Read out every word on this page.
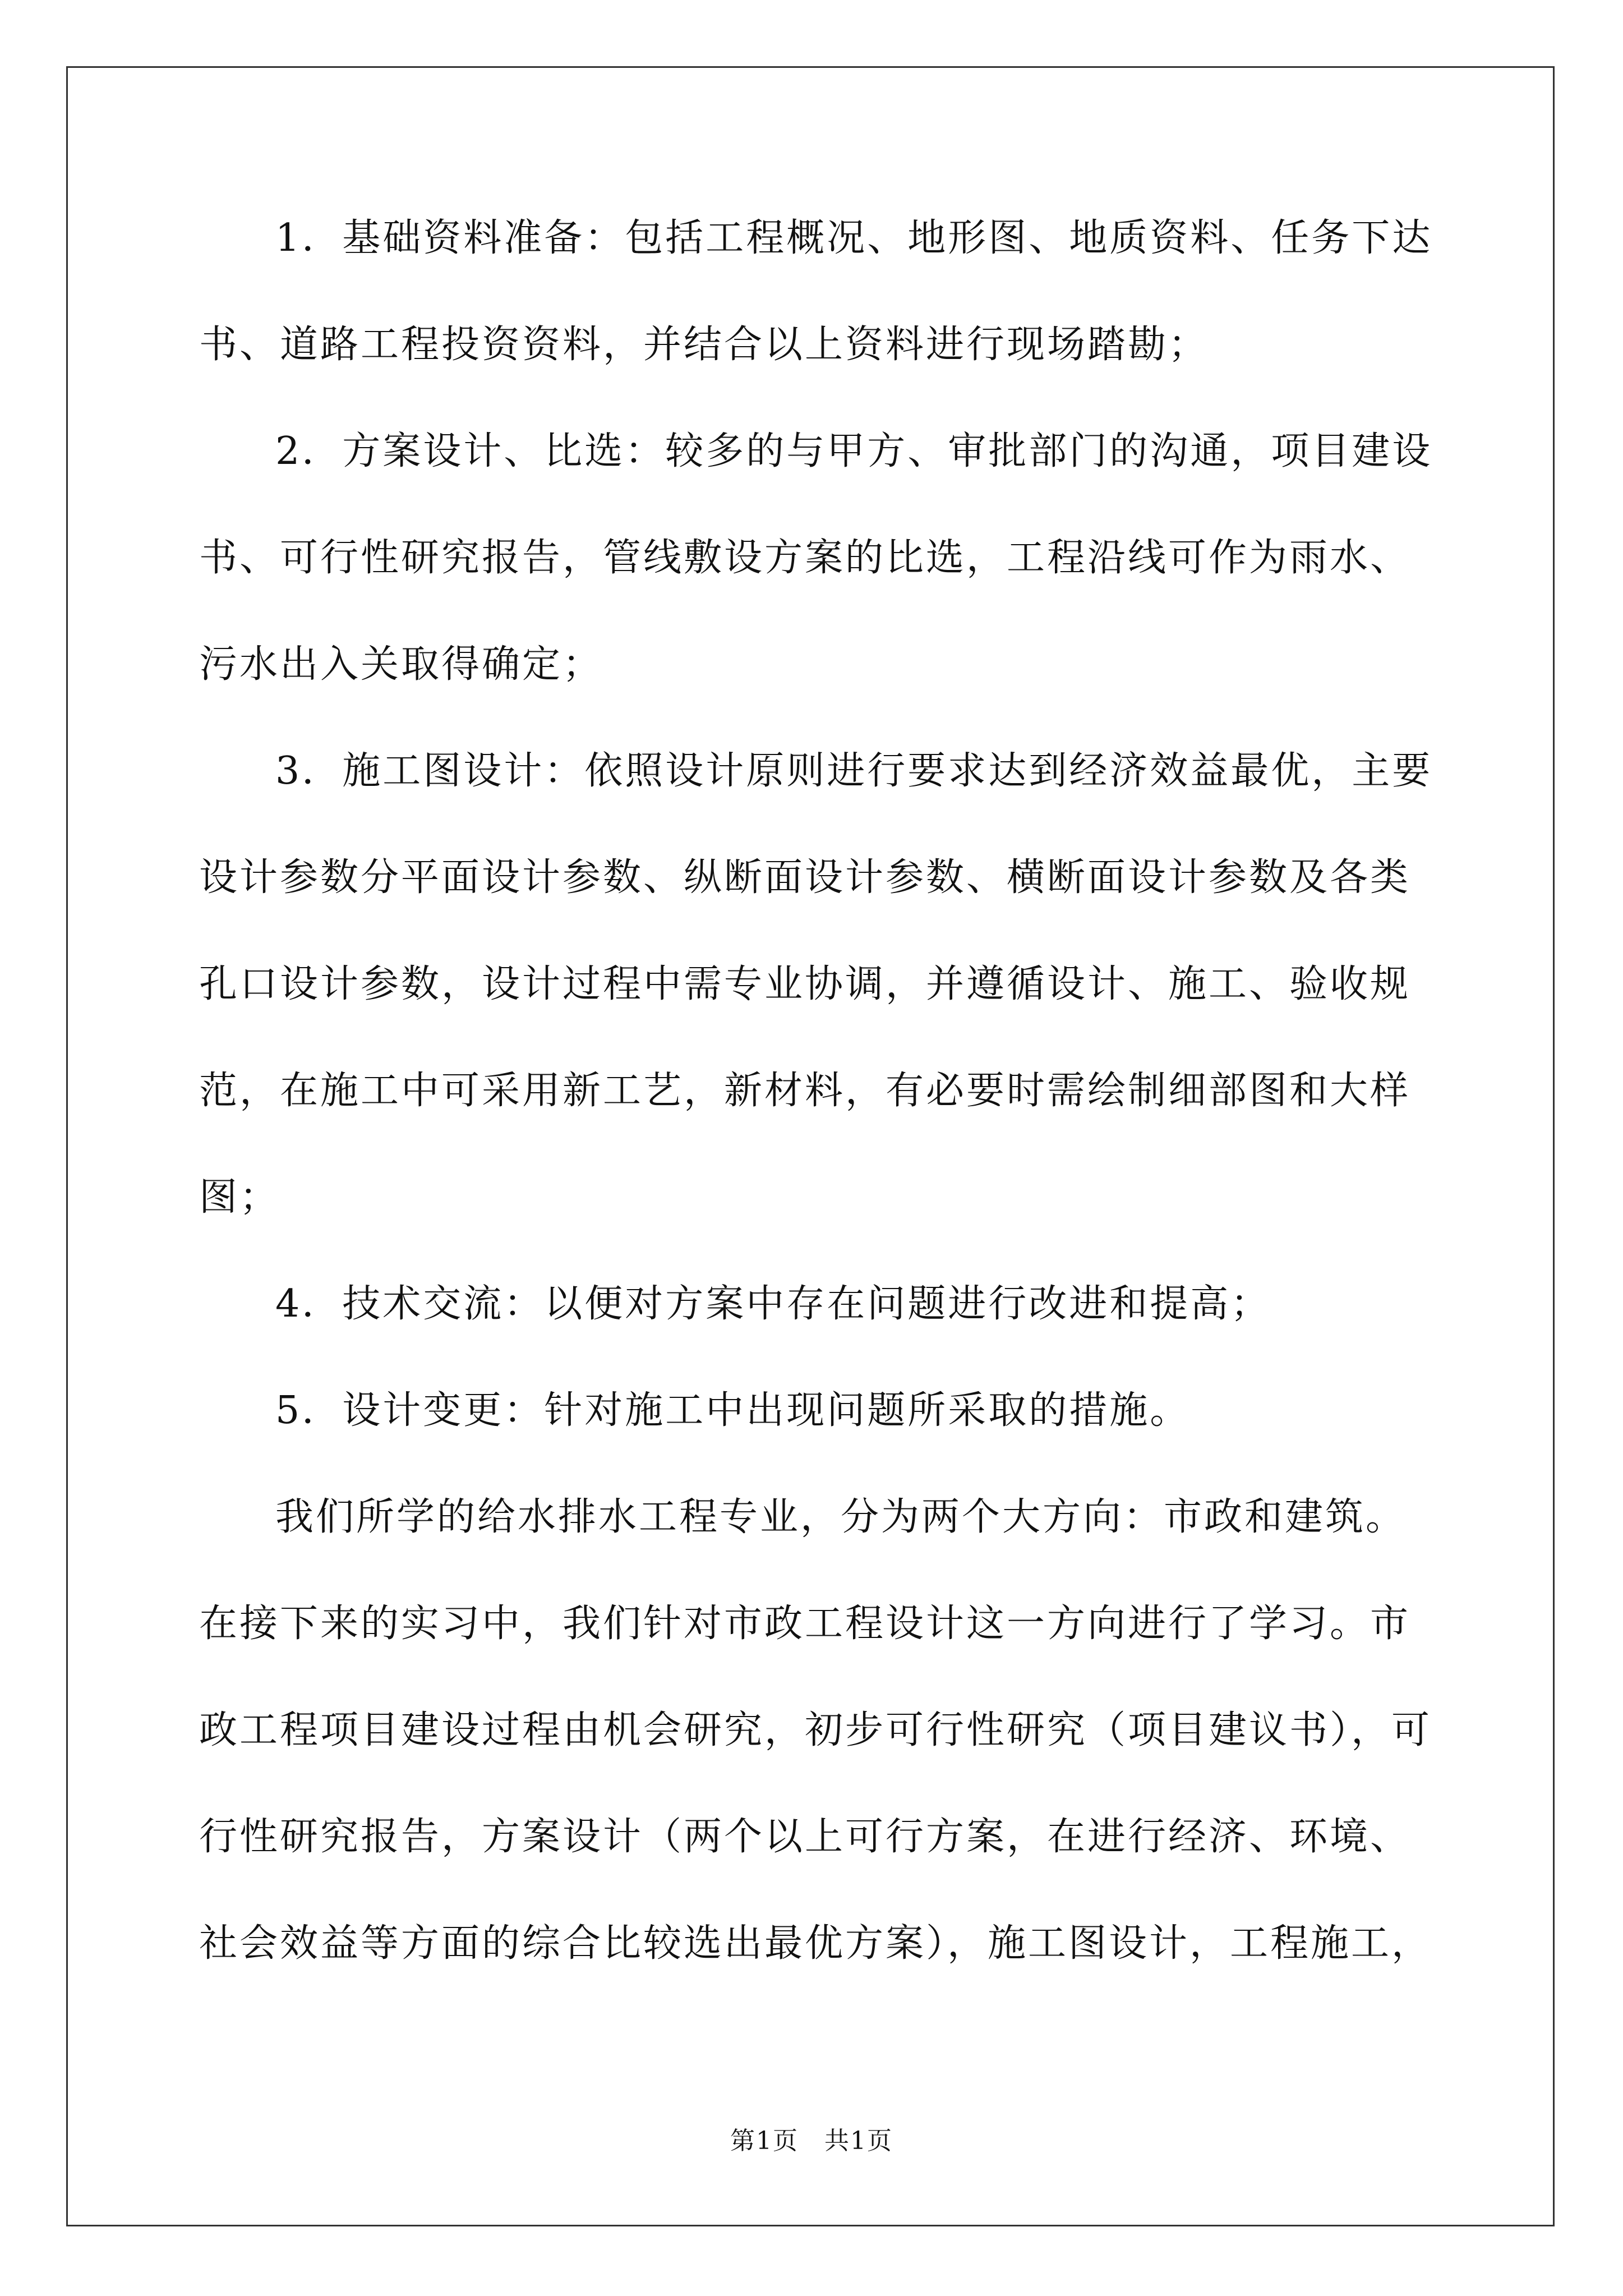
1．基础资料准备：包括工程概况、地形图、地质资料、任务下达书、道路工程投资资料，并结合以上资料进行现场踏勘；

2．方案设计、比选：较多的与甲方、审批部门的沟通，项目建设书、可行性研究报告，管线敷设方案的比选，工程沿线可作为雨水、污水出入关取得确定；

3．施工图设计：依照设计原则进行要求达到经济效益最优，主要设计参数分平面设计参数、纵断面设计参数、横断面设计参数及各类孔口设计参数，设计过程中需专业协调，并遵循设计、施工、验收规范，在施工中可采用新工艺，新材料，有必要时需绘制细部图和大样图；

4．技术交流：以便对方案中存在问题进行改进和提高；

5．设计变更：针对施工中出现问题所采取的措施。

我们所学的给水排水工程专业，分为两个大方向：市政和建筑。在接下来的实习中，我们针对市政工程设计这一方向进行了学习。市政工程项目建设过程由机会研究，初步可行性研究（项目建议书），可行性研究报告，方案设计（两个以上可行方案，在进行经济、环境、社会效益等方面的综合比较选出最优方案），施工图设计，工程施工，

第1页　共1页
